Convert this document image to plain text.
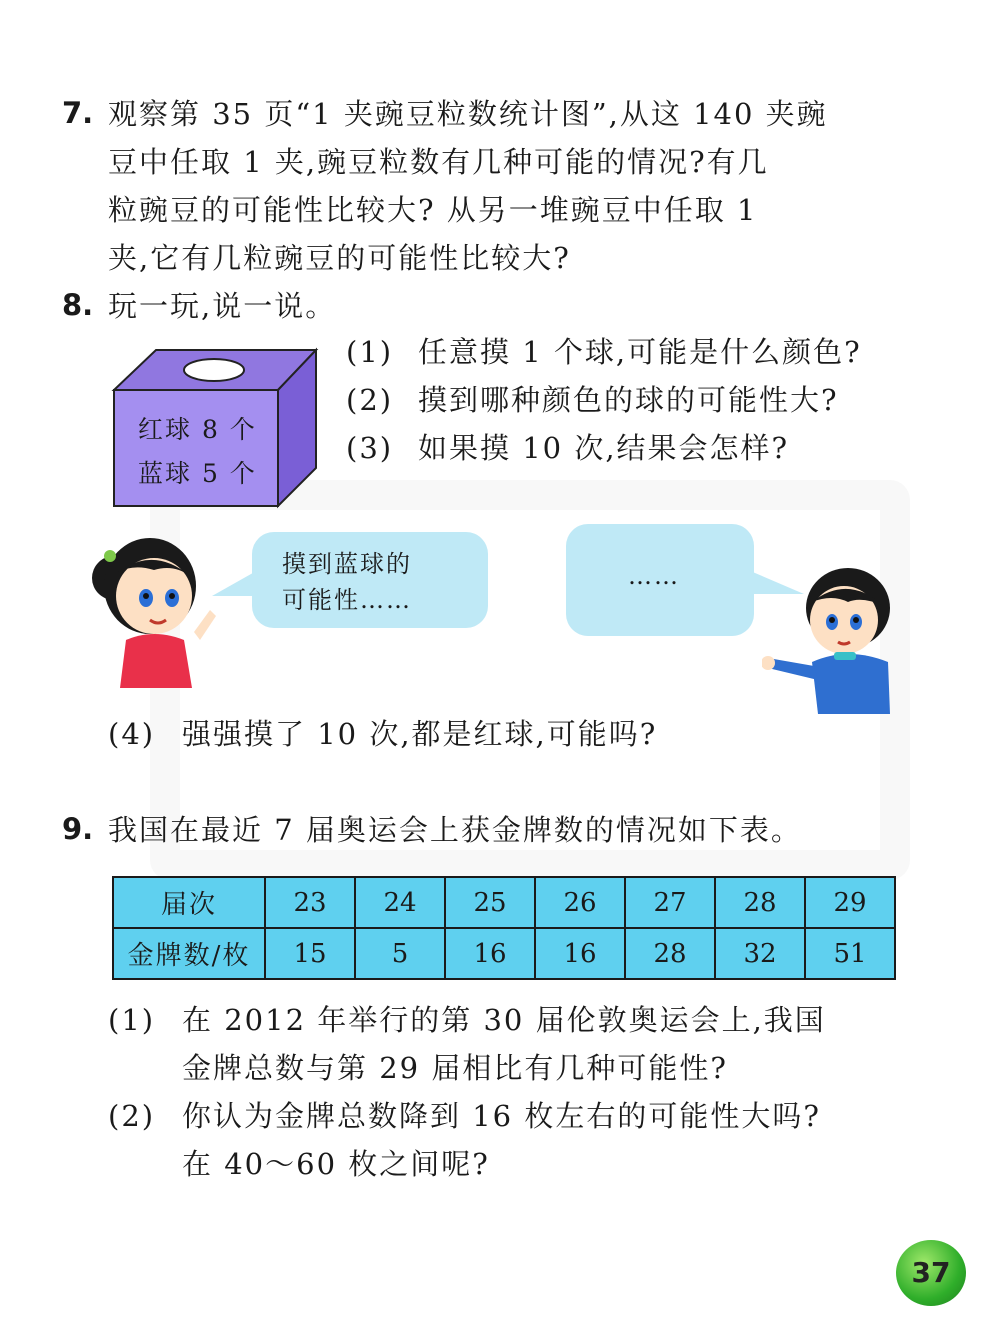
7. 观察第 35 页“1 夹豌豆粒数统计图”,从这 140 夹豌
豆中任取 1 夹,豌豆粒数有几种可能的情况?有几
粒豌豆的可能性比较大? 从另一堆豌豆中任取 1
夹,它有几粒豌豆的可能性比较大?
8. 玩一玩,说一说。
红球 8 个
蓝球 5 个
(1) 任意摸 1 个球,可能是什么颜色?
(2) 摸到哪种颜色的球的可能性大?
(3) 如果摸 10 次,结果会怎样?
摸到蓝球的
可能性……
……
(4) 强强摸了 10 次,都是红球,可能吗?
9. 我国在最近 7 届奥运会上获金牌数的情况如下表。
届次	23	24	25	26	27	28	29
金牌数/枚	15	5	16	16	28	32	51
(1) 在 2012 年举行的第 30 届伦敦奥运会上,我国
金牌总数与第 29 届相比有几种可能性?
(2) 你认为金牌总数降到 16 枚左右的可能性大吗?
在 40～60 枚之间呢?
37
